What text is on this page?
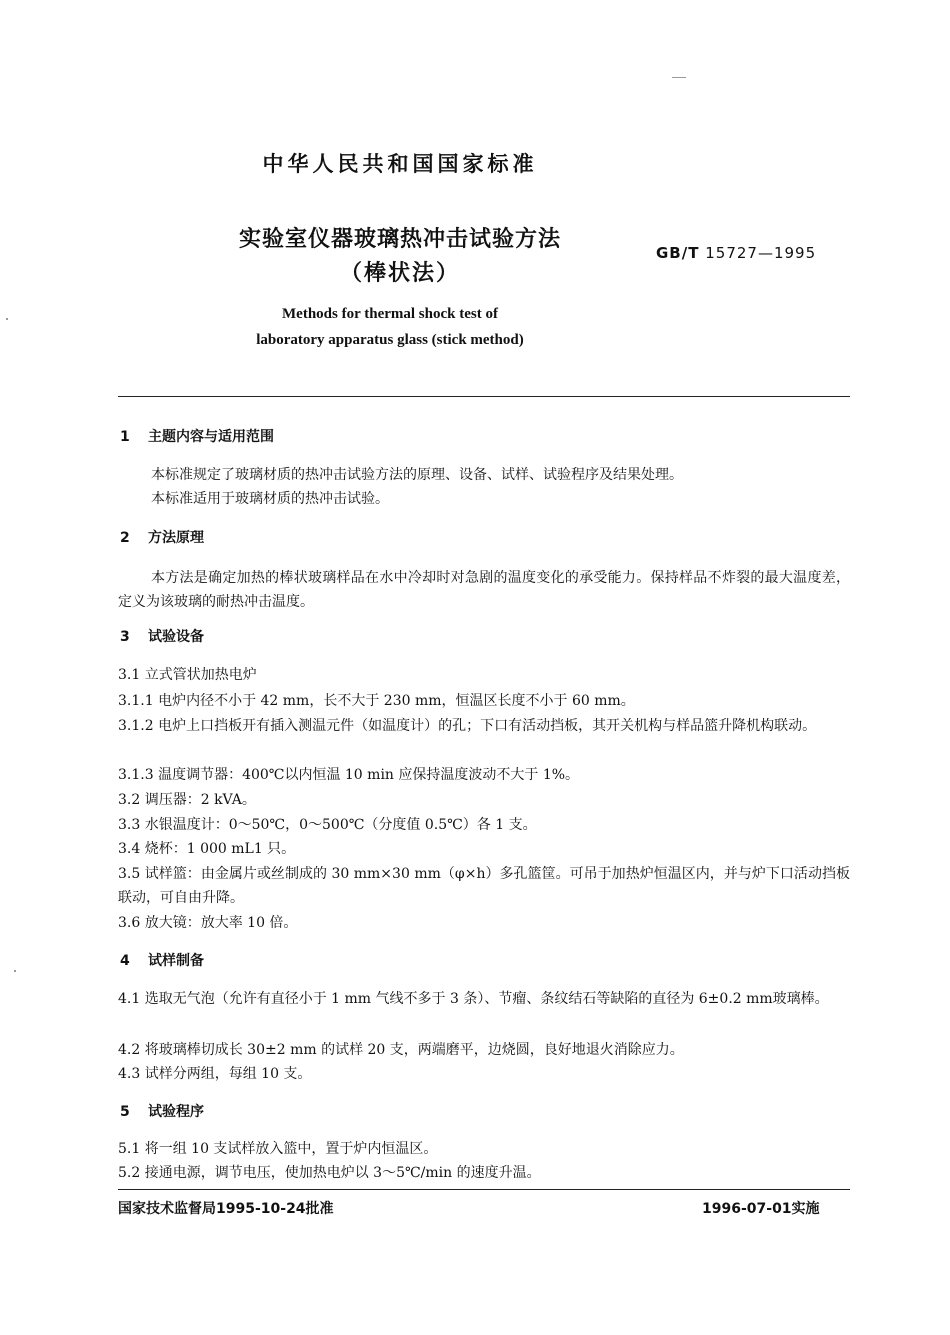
中华人民共和国国家标准
实验室仪器玻璃热冲击试验方法
（棒状法）
GB/T 15727—1995
Methods for thermal shock test of
laboratory apparatus glass (stick method)
1 主题内容与适用范围
本标准规定了玻璃材质的热冲击试验方法的原理、设备、试样、试验程序及结果处理。
本标准适用于玻璃材质的热冲击试验。
2 方法原理
本方法是确定加热的棒状玻璃样品在水中冷却时对急剧的温度变化的承受能力。保持样品不炸裂的最大温度差，定义为该玻璃的耐热冲击温度。
3 试验设备
3.1 立式管状加热电炉
3.1.1 电炉内径不小于 42 mm，长不大于 230 mm，恒温区长度不小于 60 mm。
3.1.2 电炉上口挡板开有插入测温元件（如温度计）的孔；下口有活动挡板，其开关机构与样品篮升降机构联动。
3.1.3 温度调节器：400℃以内恒温 10 min 应保持温度波动不大于 1%。
3.2 调压器：2 kVA。
3.3 水银温度计：0～50℃，0～500℃（分度值 0.5℃）各 1 支。
3.4 烧杯：1 000 mL1 只。
3.5 试样篮：由金属片或丝制成的 30 mm×30 mm（φ×h）多孔篮筐。可吊于加热炉恒温区内，并与炉下口活动挡板联动，可自由升降。
3.6 放大镜：放大率 10 倍。
4 试样制备
4.1 选取无气泡（允许有直径小于 1 mm 气线不多于 3 条）、节瘤、条纹结石等缺陷的直径为 6±0.2 mm玻璃棒。
4.2 将玻璃棒切成长 30±2 mm 的试样 20 支，两端磨平，边烧圆，良好地退火消除应力。
4.3 试样分两组，每组 10 支。
5 试验程序
5.1 将一组 10 支试样放入篮中，置于炉内恒温区。
5.2 接通电源，调节电压，使加热电炉以 3～5℃/min 的速度升温。
国家技术监督局1995-10-24批准	1996-07-01实施
